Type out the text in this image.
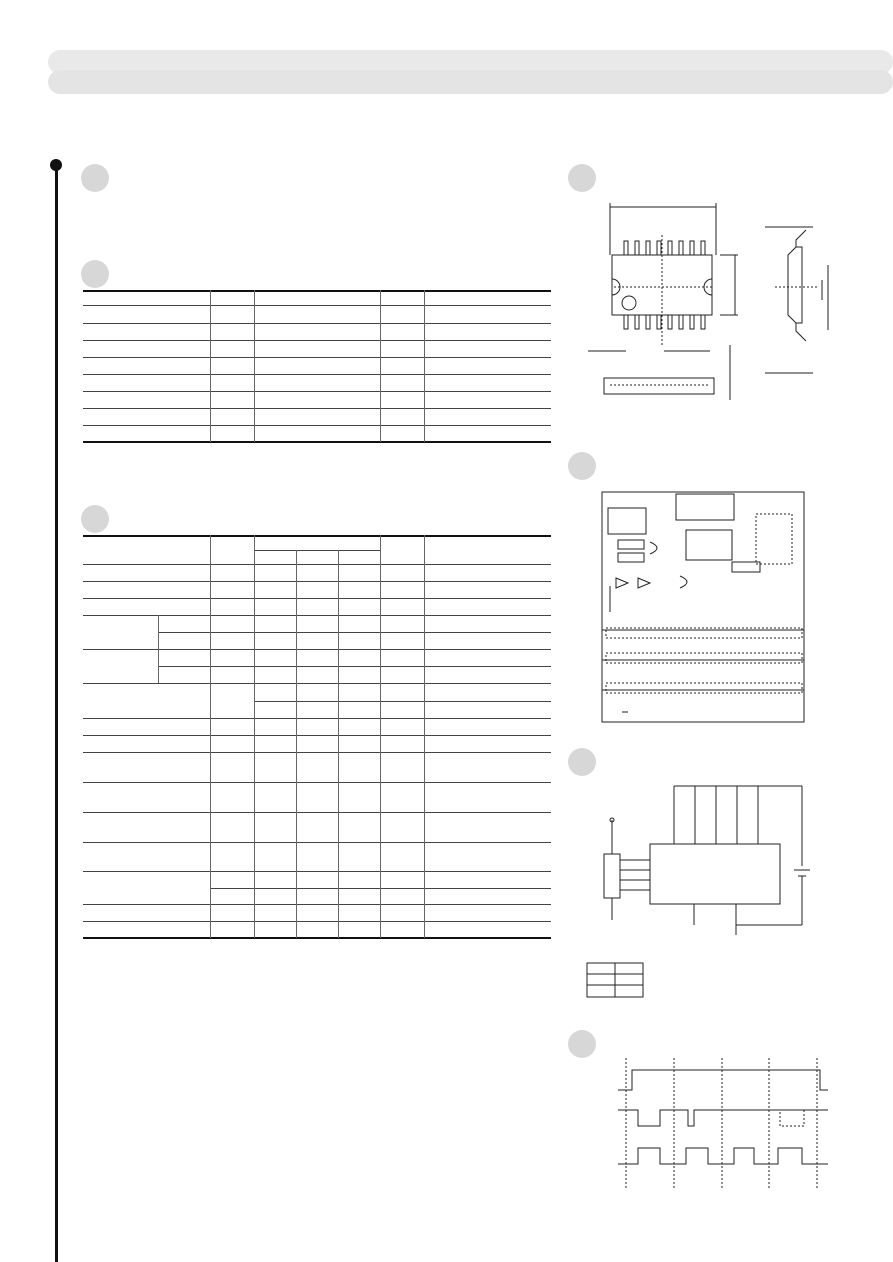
1
2
3
4
5
6
7
